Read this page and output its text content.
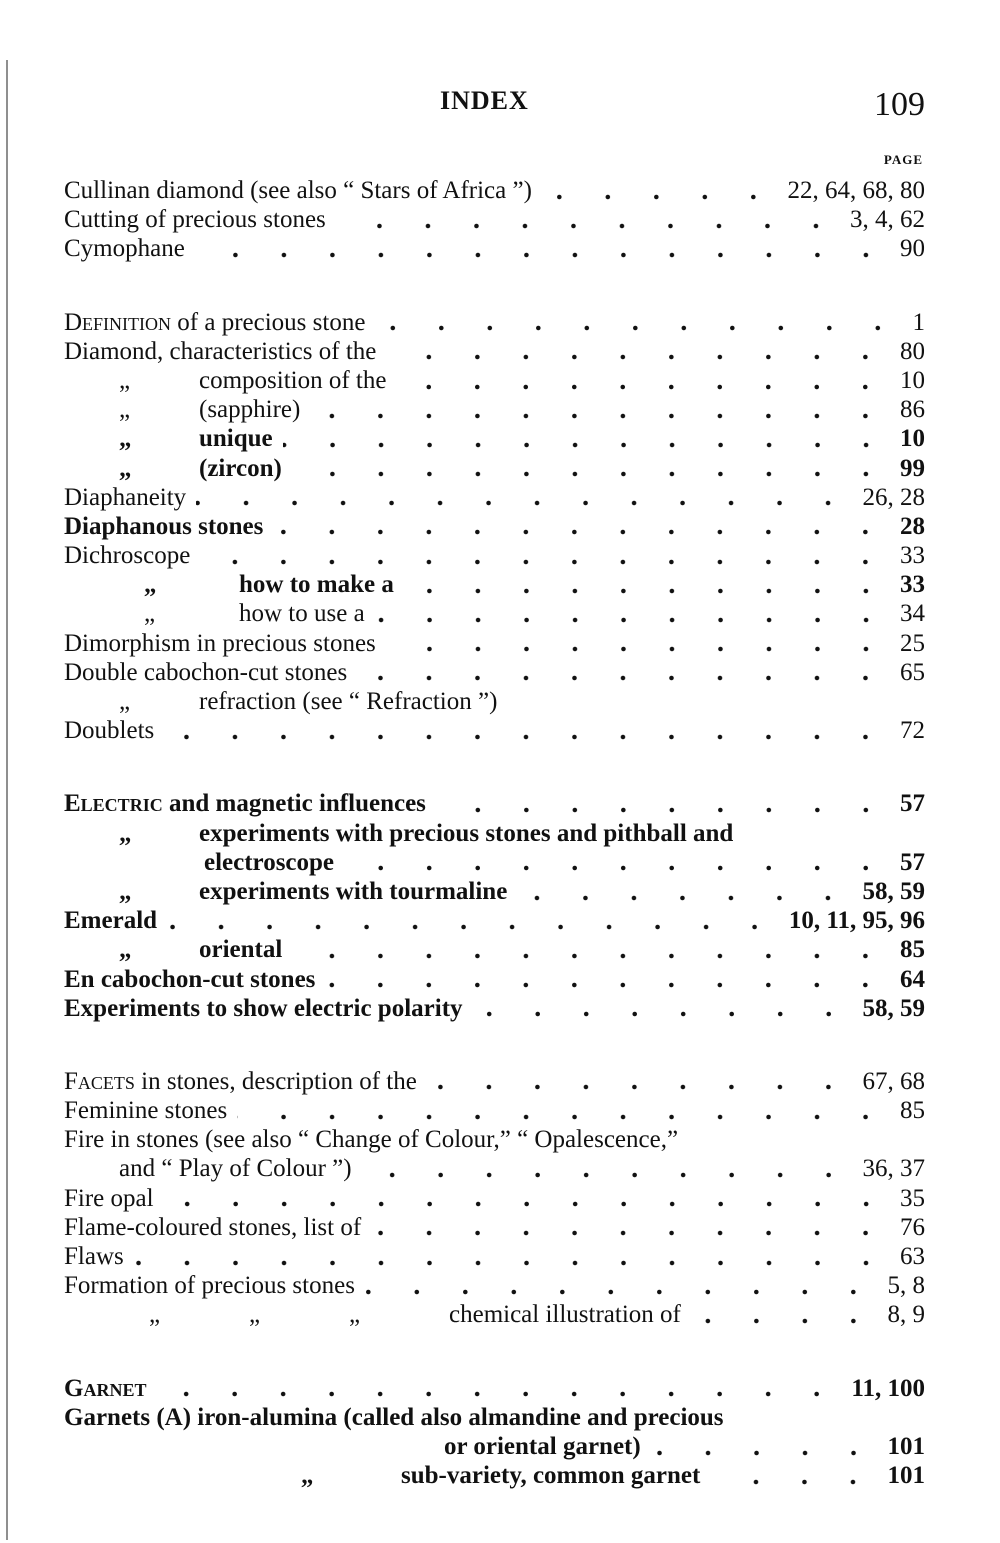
INDEX	109
PAGE
Cullinan diamond (see also “ Stars of Africa ”)	22, 64, 68, 80
Cutting of precious stones	3, 4, 62
Cymophane	90
Definition of a precious stone	1
Diamond, characteristics of the	80
„	composition of the	10
„	(sapphire)	86
„	unique	10
„	(zircon)	99
Diaphaneity	26, 28
Diaphanous stones	28
Dichroscope	33
„	how to make a	33
„	how to use a	34
Dimorphism in precious stones	25
Double cabochon-cut stones	65
„	refraction (see “ Refraction ”)
Doublets	72
Electric and magnetic influences	57
„	experiments with precious stones and pithball and
electroscope	57
„	experiments with tourmaline	58, 59
Emerald	10, 11, 95, 96
„	oriental	85
En cabochon-cut stones	64
Experiments to show electric polarity	58, 59
Facets in stones, description of the	67, 68
Feminine stones	85
Fire in stones (see also “ Change of Colour,” “ Opalescence,”
and “ Play of Colour ”)	36, 37
Fire opal	35
Flame-coloured stones, list of	76
Flaws	63
Formation of precious stones	5, 8
„	„	„	chemical illustration of	8, 9
Garnet	11, 100
Garnets (A) iron-alumina (called also almandine and precious
or oriental garnet)	101
„	sub-variety, common garnet	101
